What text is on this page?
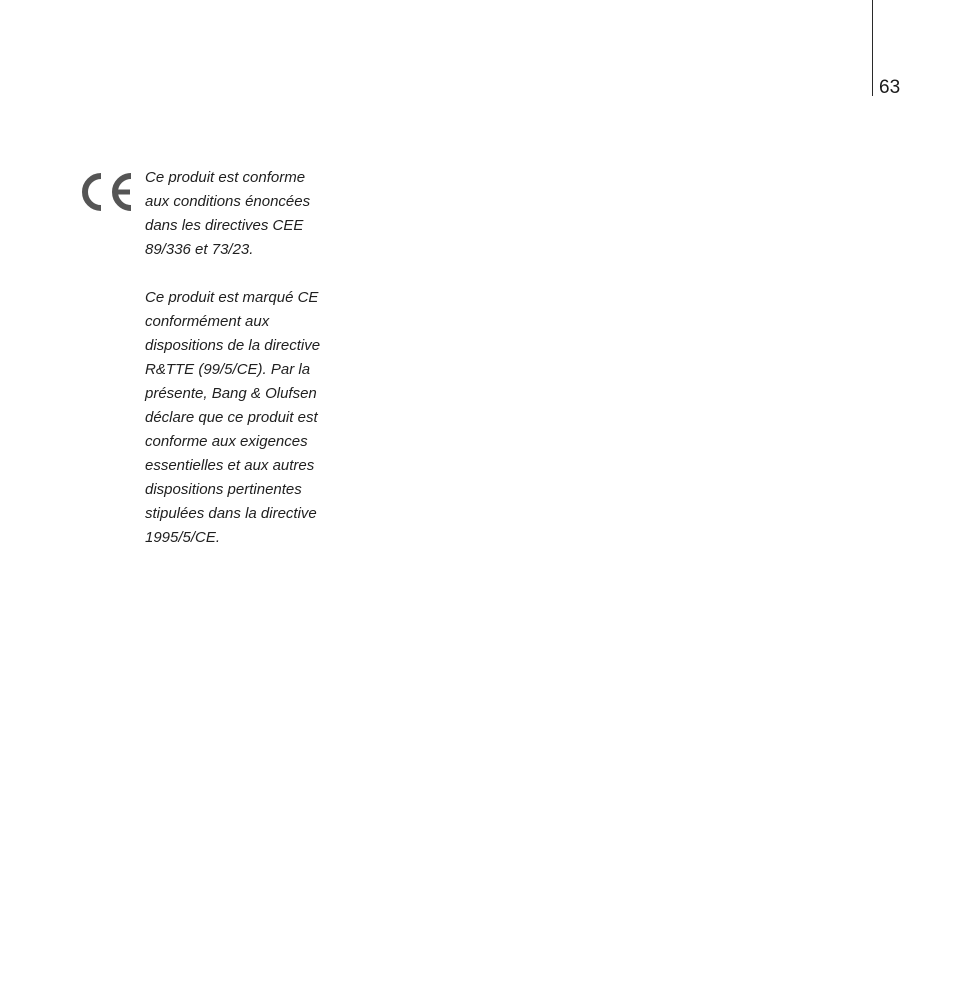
63

Ce produit est conforme
aux conditions énoncées
dans les directives CEE
89/336 et 73/23.

Ce produit est marqué CE
conformément aux
dispositions de la directive
R&TTE (99/5/CE). Par la
présente, Bang & Olufsen
déclare que ce produit est
conforme aux exigences
essentielles et aux autres
dispositions pertinentes
stipulées dans la directive
1995/5/CE.
